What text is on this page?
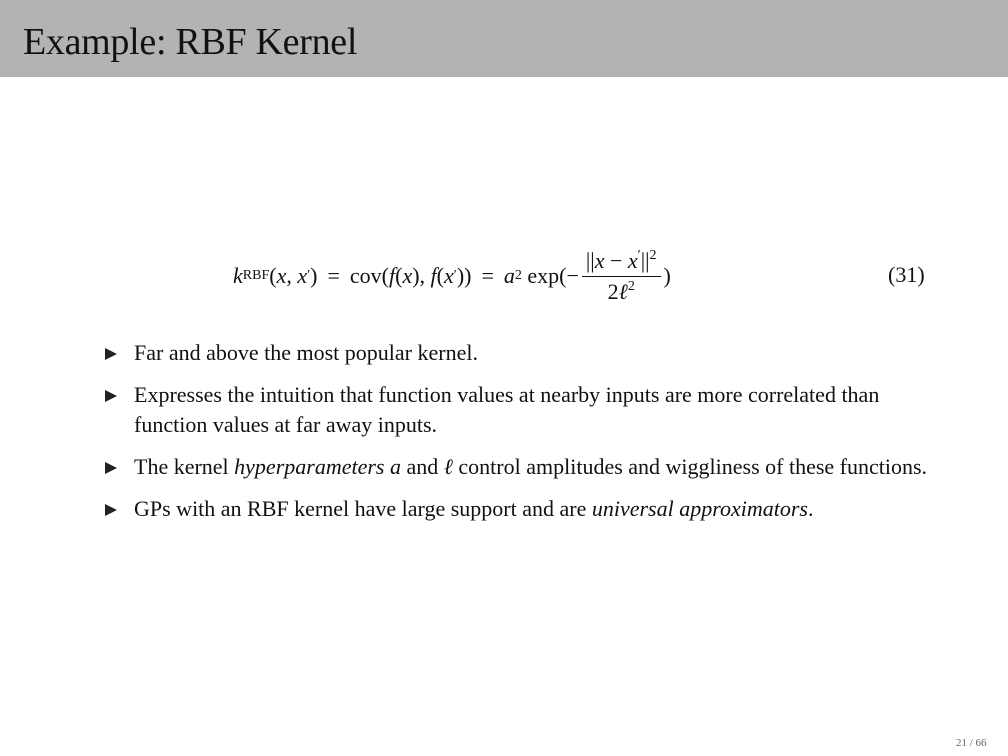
Example: RBF Kernel
k RBF ( x , x ′ ) = cov( f ( x ), f ( x ′ )) = a 2 $\exp(- \frac{||x - x'||^2}{2\ell^2}$ )	(31)
Far and above the most popular kernel.
Expresses the intuition that function values at nearby inputs are more correlated than function values at far away inputs.
The kernel hyperparameters a and ℓ control amplitudes and wiggliness of these functions.
GPs with an RBF kernel have large support and are universal approximators.
21 / 66
